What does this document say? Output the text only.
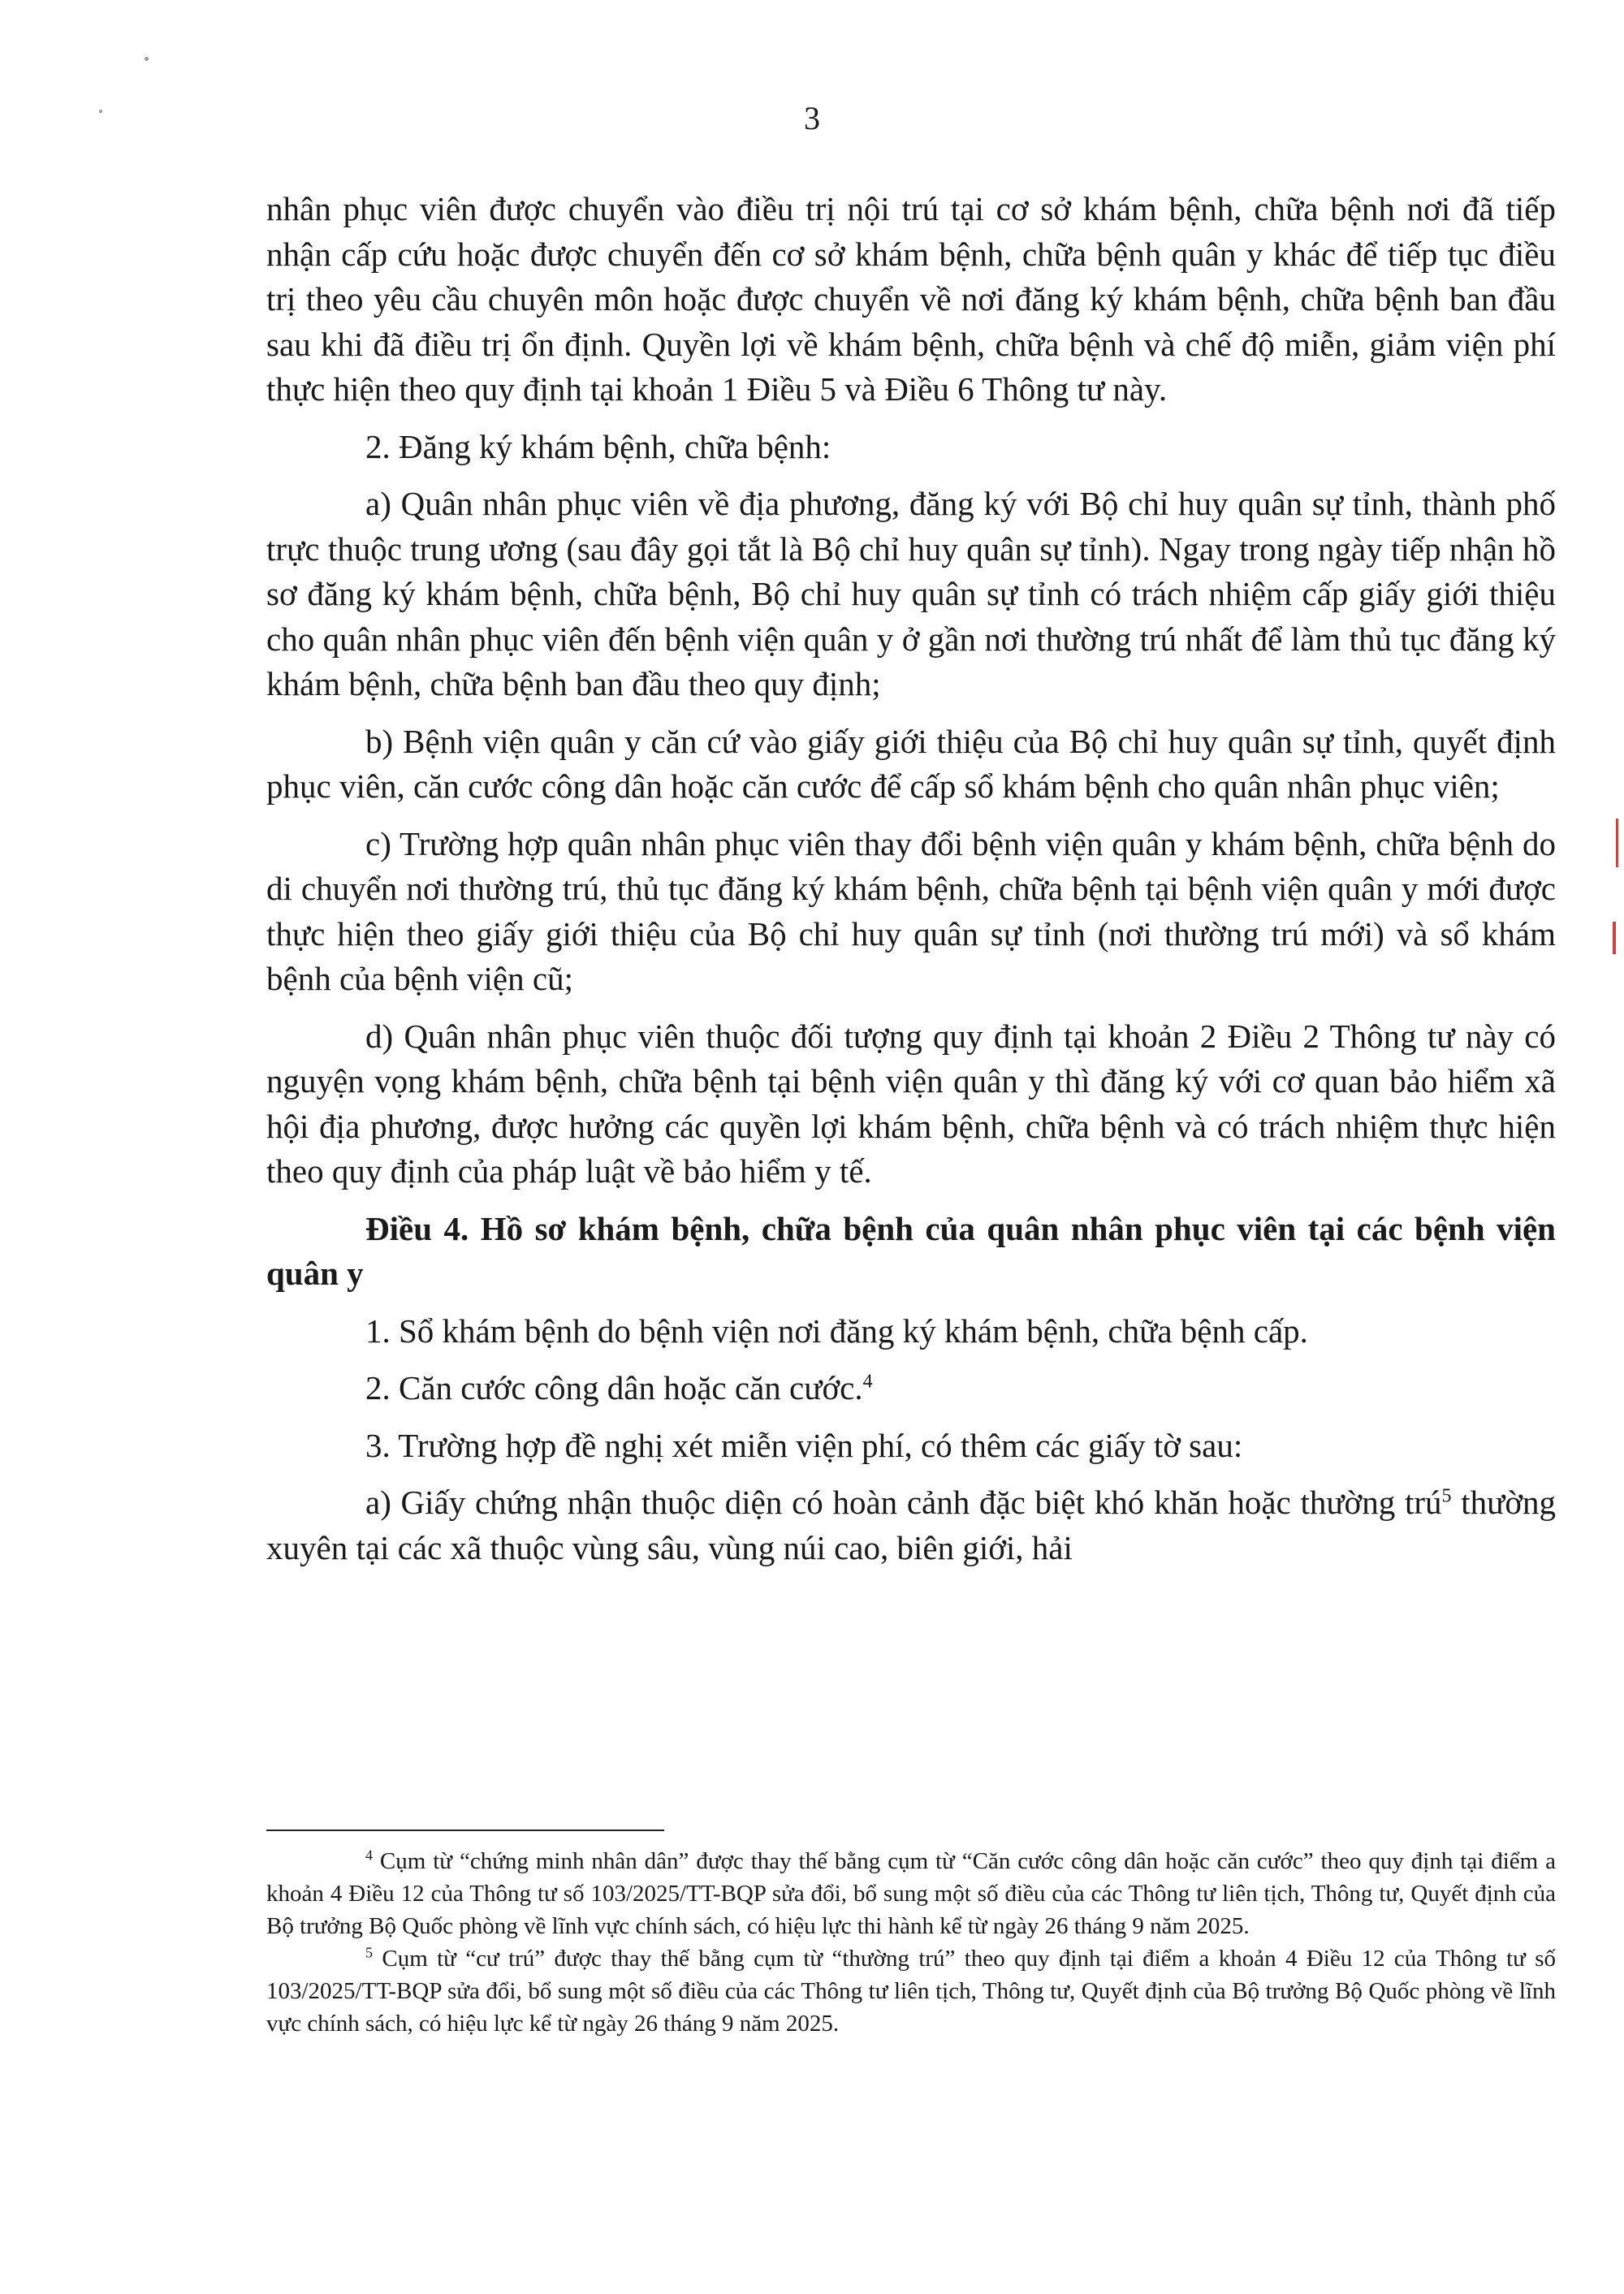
3

nhân phục viên được chuyển vào điều trị nội trú tại cơ sở khám bệnh, chữa bệnh nơi đã tiếp nhận cấp cứu hoặc được chuyển đến cơ sở khám bệnh, chữa bệnh quân y khác để tiếp tục điều trị theo yêu cầu chuyên môn hoặc được chuyển về nơi đăng ký khám bệnh, chữa bệnh ban đầu sau khi đã điều trị ổn định. Quyền lợi về khám bệnh, chữa bệnh và chế độ miễn, giảm viện phí thực hiện theo quy định tại khoản 1 Điều 5 và Điều 6 Thông tư này.

2. Đăng ký khám bệnh, chữa bệnh:

a) Quân nhân phục viên về địa phương, đăng ký với Bộ chỉ huy quân sự tỉnh, thành phố trực thuộc trung ương (sau đây gọi tắt là Bộ chỉ huy quân sự tỉnh). Ngay trong ngày tiếp nhận hồ sơ đăng ký khám bệnh, chữa bệnh, Bộ chỉ huy quân sự tỉnh có trách nhiệm cấp giấy giới thiệu cho quân nhân phục viên đến bệnh viện quân y ở gần nơi thường trú nhất để làm thủ tục đăng ký khám bệnh, chữa bệnh ban đầu theo quy định;

b) Bệnh viện quân y căn cứ vào giấy giới thiệu của Bộ chỉ huy quân sự tỉnh, quyết định phục viên, căn cước công dân hoặc căn cước để cấp sổ khám bệnh cho quân nhân phục viên;

c) Trường hợp quân nhân phục viên thay đổi bệnh viện quân y khám bệnh, chữa bệnh do di chuyển nơi thường trú, thủ tục đăng ký khám bệnh, chữa bệnh tại bệnh viện quân y mới được thực hiện theo giấy giới thiệu của Bộ chỉ huy quân sự tỉnh (nơi thường trú mới) và sổ khám bệnh của bệnh viện cũ;

d) Quân nhân phục viên thuộc đối tượng quy định tại khoản 2 Điều 2 Thông tư này có nguyện vọng khám bệnh, chữa bệnh tại bệnh viện quân y thì đăng ký với cơ quan bảo hiểm xã hội địa phương, được hưởng các quyền lợi khám bệnh, chữa bệnh và có trách nhiệm thực hiện theo quy định của pháp luật về bảo hiểm y tế.

Điều 4. Hồ sơ khám bệnh, chữa bệnh của quân nhân phục viên tại các bệnh viện quân y

1. Sổ khám bệnh do bệnh viện nơi đăng ký khám bệnh, chữa bệnh cấp.

2. Căn cước công dân hoặc căn cước.$^4$

3. Trường hợp đề nghị xét miễn viện phí, có thêm các giấy tờ sau:

a) Giấy chứng nhận thuộc diện có hoàn cảnh đặc biệt khó khăn hoặc thường trú$^5$ thường xuyên tại các xã thuộc vùng sâu, vùng núi cao, biên giới, hải

$^4$ Cụm từ “chứng minh nhân dân” được thay thế bằng cụm từ “Căn cước công dân hoặc căn cước” theo quy định tại điểm a khoản 4 Điều 12 của Thông tư số 103/2025/TT-BQP sửa đổi, bổ sung một số điều của các Thông tư liên tịch, Thông tư, Quyết định của Bộ trưởng Bộ Quốc phòng về lĩnh vực chính sách, có hiệu lực thi hành kể từ ngày 26 tháng 9 năm 2025.

$^5$ Cụm từ “cư trú” được thay thế bằng cụm từ “thường trú” theo quy định tại điểm a khoản 4 Điều 12 của Thông tư số 103/2025/TT-BQP sửa đổi, bổ sung một số điều của các Thông tư liên tịch, Thông tư, Quyết định của Bộ trưởng Bộ Quốc phòng về lĩnh vực chính sách, có hiệu lực kể từ ngày 26 tháng 9 năm 2025.
